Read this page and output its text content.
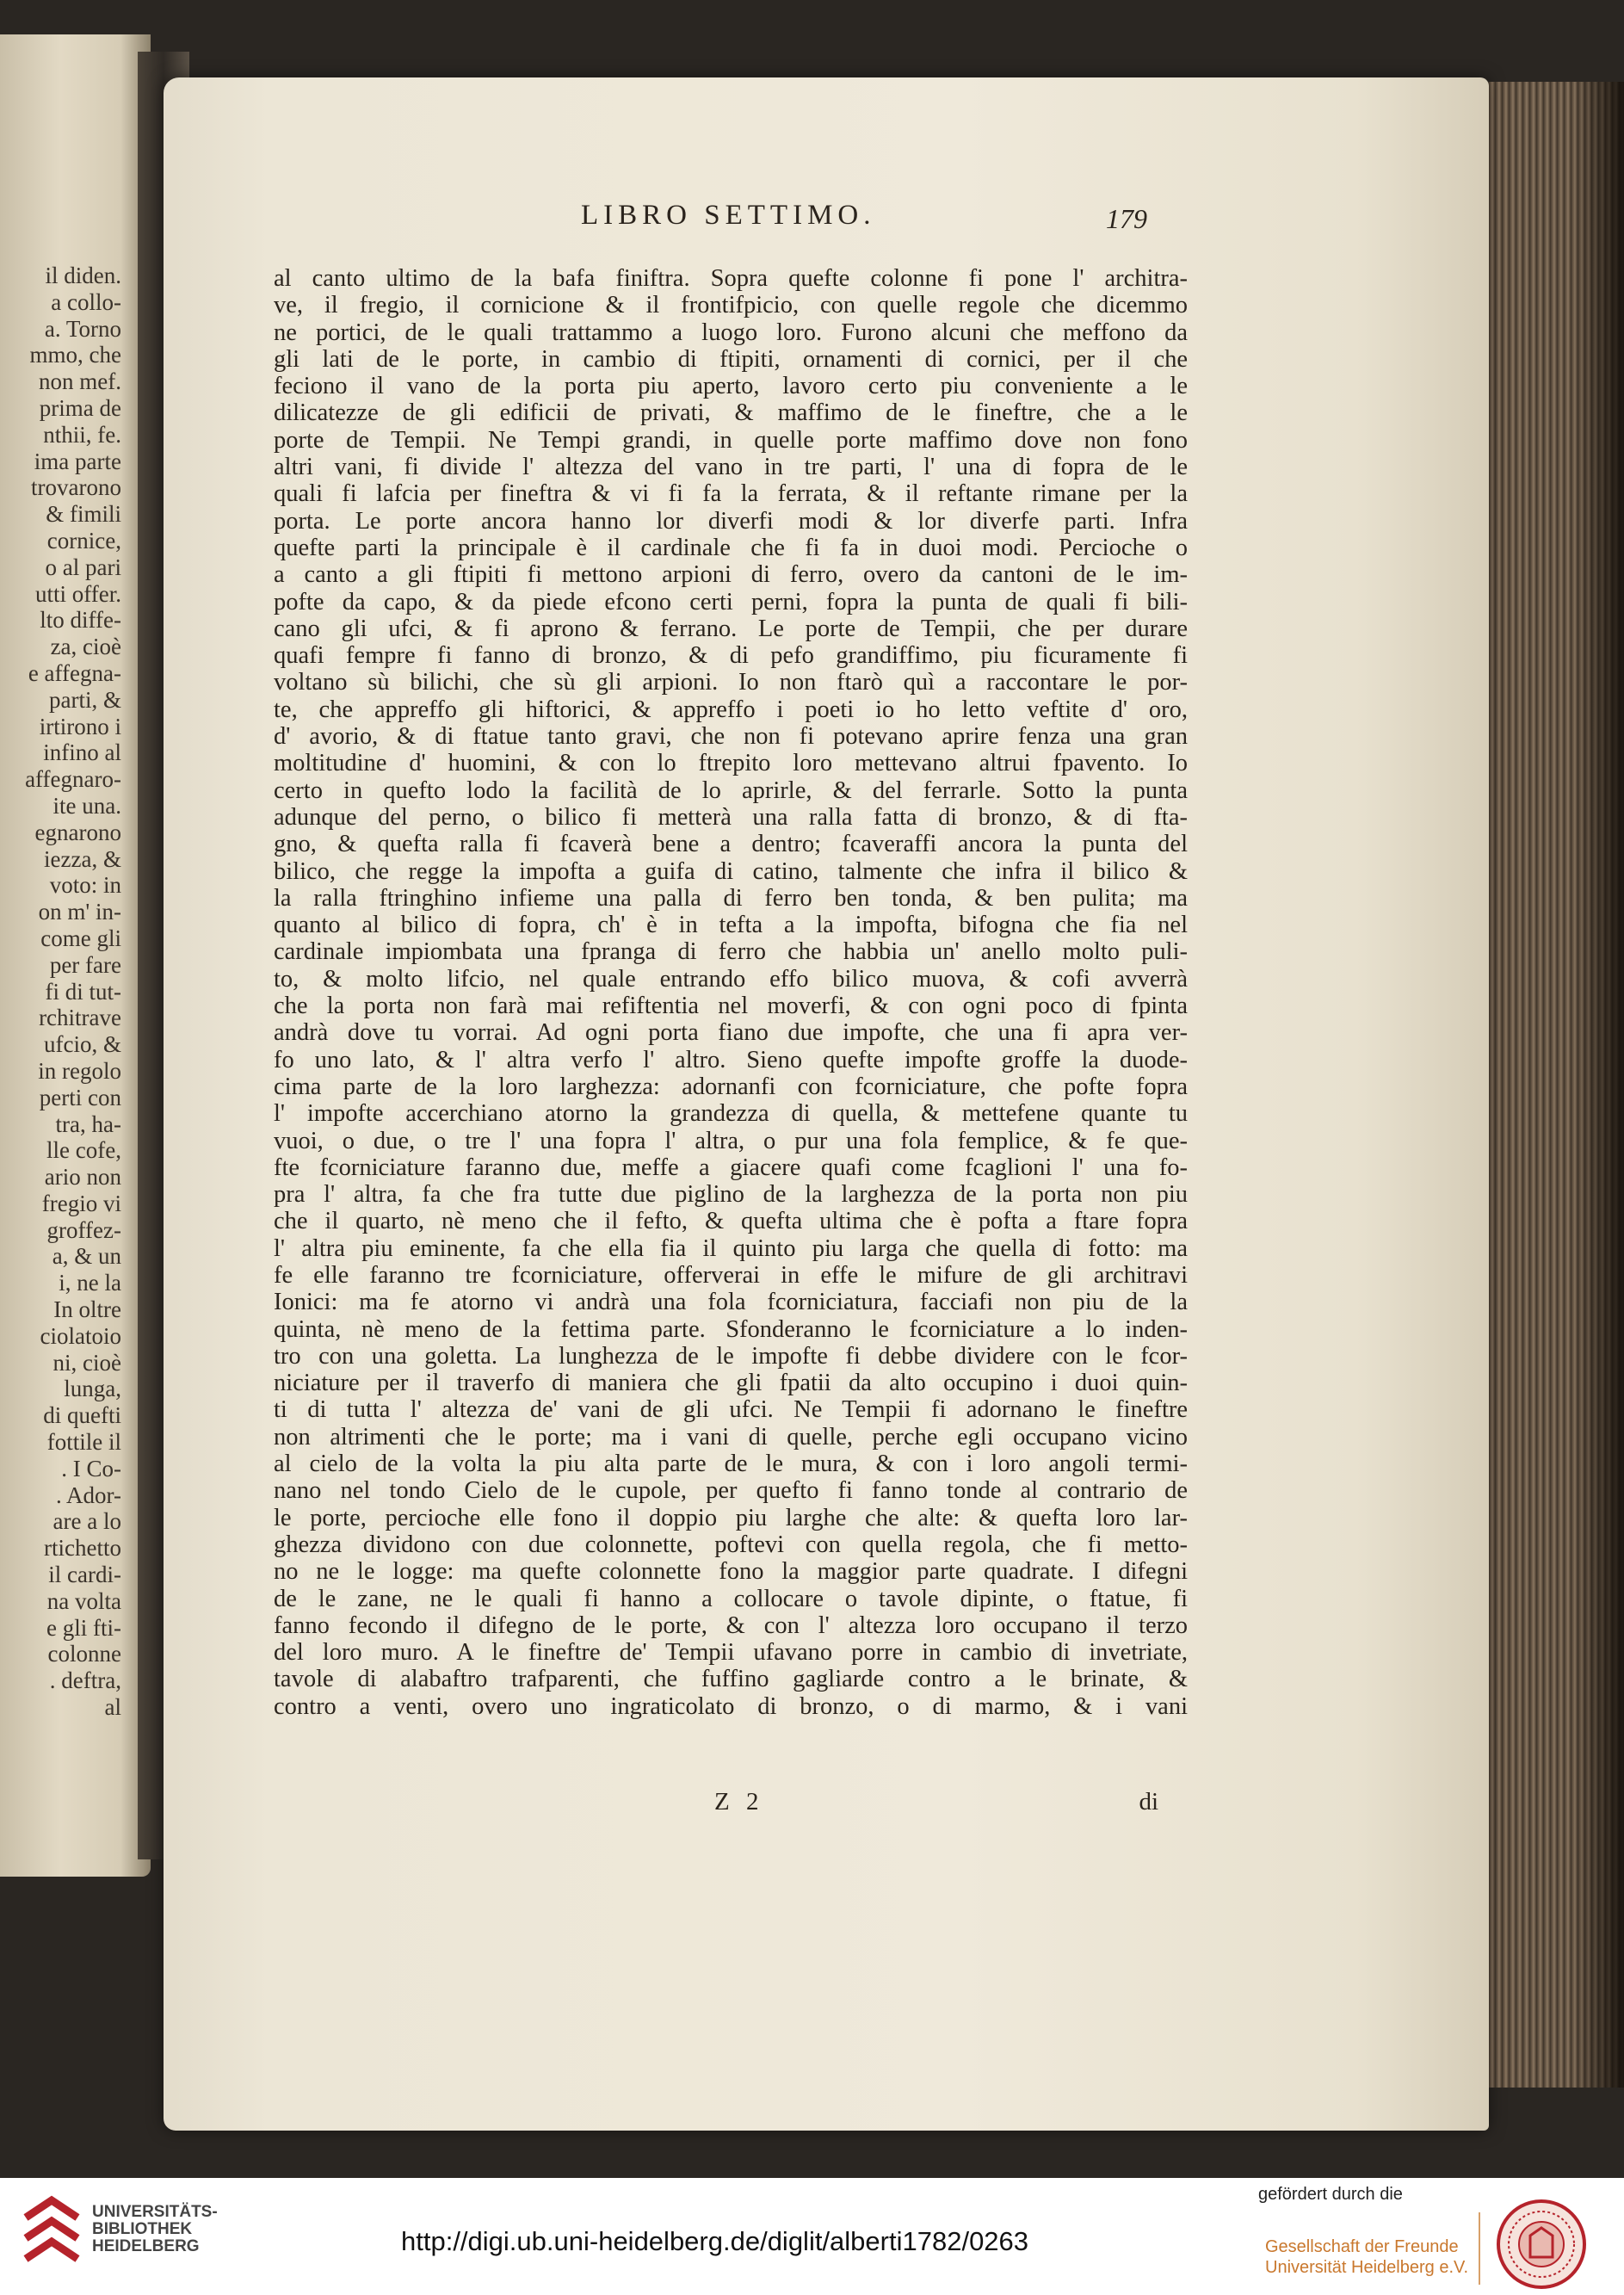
il diden.
a collo-
a. Torno
mmo, che
non mef.
prima de
nthii, fe.
ima parte
trovarono
& fimili
cornice,
o al pari
utti offer.
lto diffe-
za, cioè
e affegna-
parti, &
irtirono i
infino al
affegnaro-
ite una.
egnarono
iezza, &
voto: in
on m' in-
come gli
per fare
fi di tut-
rchitrave
ufcio, &
in regolo
perti con
tra, ha-
lle cofe,
ario non
fregio vi
groffez-
a, & un
i, ne la
In oltre
ciolatoio
ni, cioè
lunga,
di quefti
fottile il
. I Co-
. Ador-
are a lo
rtichetto
il cardi-
na volta
e gli fti-
colonne
. deftra,
al
LIBRO SETTIMO.	179
al canto ultimo de la bafa finiftra. Sopra quefte colonne fi pone l' architra-
ve, il fregio, il cornicione & il frontifpicio, con quelle regole che dicemmo
ne portici, de le quali trattammo a luogo loro. Furono alcuni che meffono da
gli lati de le porte, in cambio di ftipiti, ornamenti di cornici, per il che
feciono il vano de la porta piu aperto, lavoro certo piu conveniente a le
dilicatezze de gli edificii de privati, & maffimo de le fineftre, che a le
porte de Tempii. Ne Tempi grandi, in quelle porte maffimo dove non fono
altri vani, fi divide l' altezza del vano in tre parti, l' una di fopra de le
quali fi lafcia per fineftra & vi fi fa la ferrata, & il reftante rimane per la
porta. Le porte ancora hanno lor diverfi modi & lor diverfe parti. Infra
quefte parti la principale è il cardinale che fi fa in duoi modi. Percioche o
a canto a gli ftipiti fi mettono arpioni di ferro, overo da cantoni de le im-
pofte da capo, & da piede efcono certi perni, fopra la punta de quali fi bili-
cano gli ufci, & fi aprono & ferrano. Le porte de Tempii, che per durare
quafi fempre fi fanno di bronzo, & di pefo grandiffimo, piu ficuramente fi
voltano sù bilichi, che sù gli arpioni. Io non ftarò quì a raccontare le por-
te, che appreffo gli hiftorici, & appreffo i poeti io ho letto veftite d' oro,
d' avorio, & di ftatue tanto gravi, che non fi potevano aprire fenza una gran
moltitudine d' huomini, & con lo ftrepito loro mettevano altrui fpavento. Io
certo in quefto lodo la facilità de lo aprirle, & del ferrarle. Sotto la punta
adunque del perno, o bilico fi metterà una ralla fatta di bronzo, & di fta-
gno, & quefta ralla fi fcaverà bene a dentro; fcaveraffi ancora la punta del
bilico, che regge la impofta a guifa di catino, talmente che infra il bilico &
la ralla ftringhino infieme una palla di ferro ben tonda, & ben pulita; ma
quanto al bilico di fopra, ch' è in tefta a la impofta, bifogna che fia nel
cardinale impiombata una fpranga di ferro che habbia un' anello molto puli-
to, & molto lifcio, nel quale entrando effo bilico muova, & cofi avverrà
che la porta non farà mai refiftentia nel moverfi, & con ogni poco di fpinta
andrà dove tu vorrai. Ad ogni porta fiano due impofte, che una fi apra ver-
fo uno lato, & l' altra verfo l' altro. Sieno quefte impofte groffe la duode-
cima parte de la loro larghezza: adornanfi con fcorniciature, che pofte fopra
l' impofte accerchiano atorno la grandezza di quella, & mettefene quante tu
vuoi, o due, o tre l' una fopra l' altra, o pur una fola femplice, & fe que-
fte fcorniciature faranno due, meffe a giacere quafi come fcaglioni l' una fo-
pra l' altra, fa che fra tutte due piglino de la larghezza de la porta non piu
che il quarto, nè meno che il fefto, & quefta ultima che è pofta a ftare fopra
l' altra piu eminente, fa che ella fia il quinto piu larga che quella di fotto: ma
fe elle faranno tre fcorniciature, offerverai in effe le mifure de gli architravi
Ionici: ma fe atorno vi andrà una fola fcorniciatura, facciafi non piu de la
quinta, nè meno de la fettima parte. Sfonderanno le fcorniciature a lo inden-
tro con una goletta. La lunghezza de le impofte fi debbe dividere con le fcor-
niciature per il traverfo di maniera che gli fpatii da alto occupino i duoi quin-
ti di tutta l' altezza de' vani de gli ufci. Ne Tempii fi adornano le fineftre
non altrimenti che le porte; ma i vani di quelle, perche egli occupano vicino
al cielo de la volta la piu alta parte de le mura, & con i loro angoli termi-
nano nel tondo Cielo de le cupole, per quefto fi fanno tonde al contrario de
le porte, percioche elle fono il doppio piu larghe che alte: & quefta loro lar-
ghezza dividono con due colonnette, poftevi con quella regola, che fi metto-
no ne le logge: ma quefte colonnette fono la maggior parte quadrate. I difegni
de le zane, ne le quali fi hanno a collocare o tavole dipinte, o ftatue, fi
fanno fecondo il difegno de le porte, & con l' altezza loro occupano il terzo
del loro muro. A le fineftre de' Tempii ufavano porre in cambio di invetriate,
tavole di alabaftro trafparenti, che fuffino gagliarde contro a le brinate, &
contro a venti, overo uno ingraticolato di bronzo, o di marmo, & i vani
Z 2	di
UNIVERSITÄTS-
BIBLIOTHEK
HEIDELBERG	http://digi.ub.uni-heidelberg.de/diglit/alberti1782/0263
gefördert durch die
Gesellschaft der Freunde
Universität Heidelberg e.V.
